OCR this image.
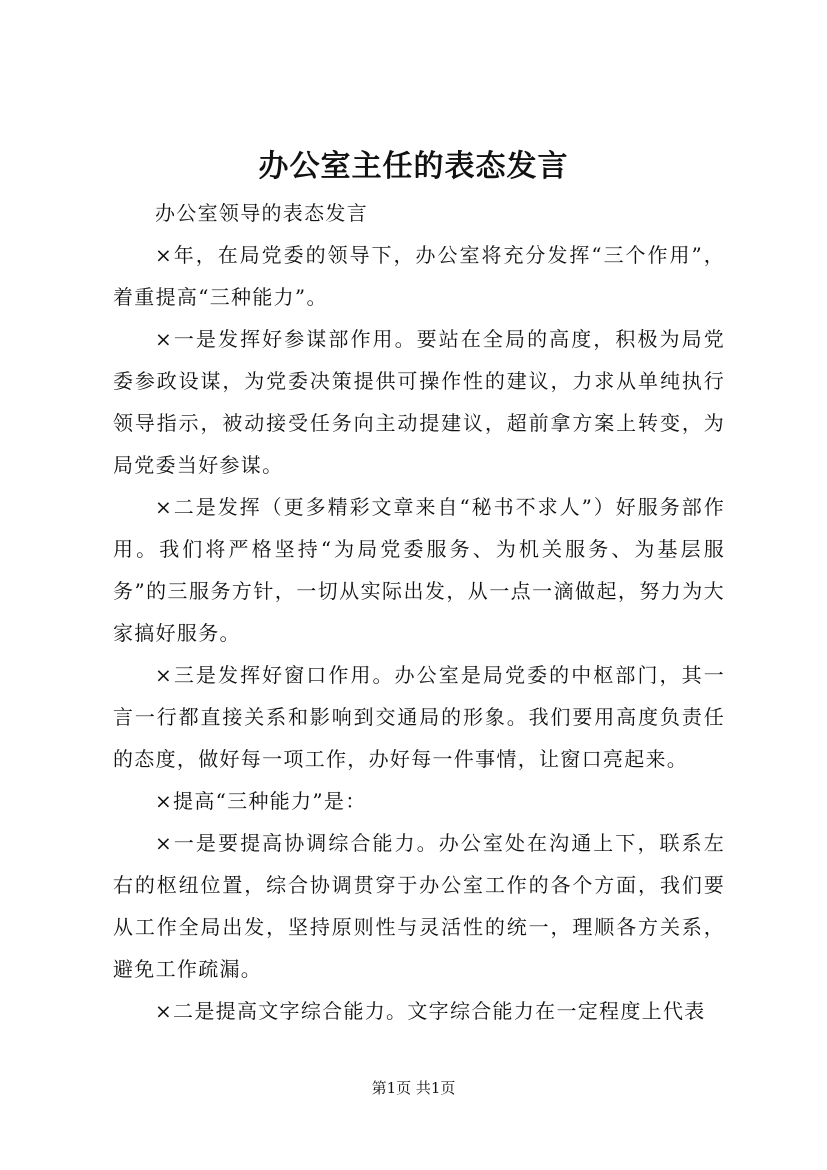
办公室主任的表态发言

办公室领导的表态发言

×年，在局党委的领导下，办公室将充分发挥“三个作用”，着重提高“三种能力”。

×一是发挥好参谋部作用。要站在全局的高度，积极为局党委参政设谋，为党委决策提供可操作性的建议，力求从单纯执行领导指示，被动接受任务向主动提建议，超前拿方案上转变，为局党委当好参谋。

×二是发挥（更多精彩文章来自“秘书不求人”）好服务部作用。我们将严格坚持“为局党委服务、为机关服务、为基层服务”的三服务方针，一切从实际出发，从一点一滴做起，努力为大家搞好服务。

×三是发挥好窗口作用。办公室是局党委的中枢部门，其一言一行都直接关系和影响到交通局的形象。我们要用高度负责任的态度，做好每一项工作，办好每一件事情，让窗口亮起来。

×提高“三种能力”是：

×一是要提高协调综合能力。办公室处在沟通上下，联系左右的枢纽位置，综合协调贯穿于办公室工作的各个方面，我们要从工作全局出发，坚持原则性与灵活性的统一，理顺各方关系，避免工作疏漏。

×二是提高文字综合能力。文字综合能力在一定程度上代表

第1页 共1页
